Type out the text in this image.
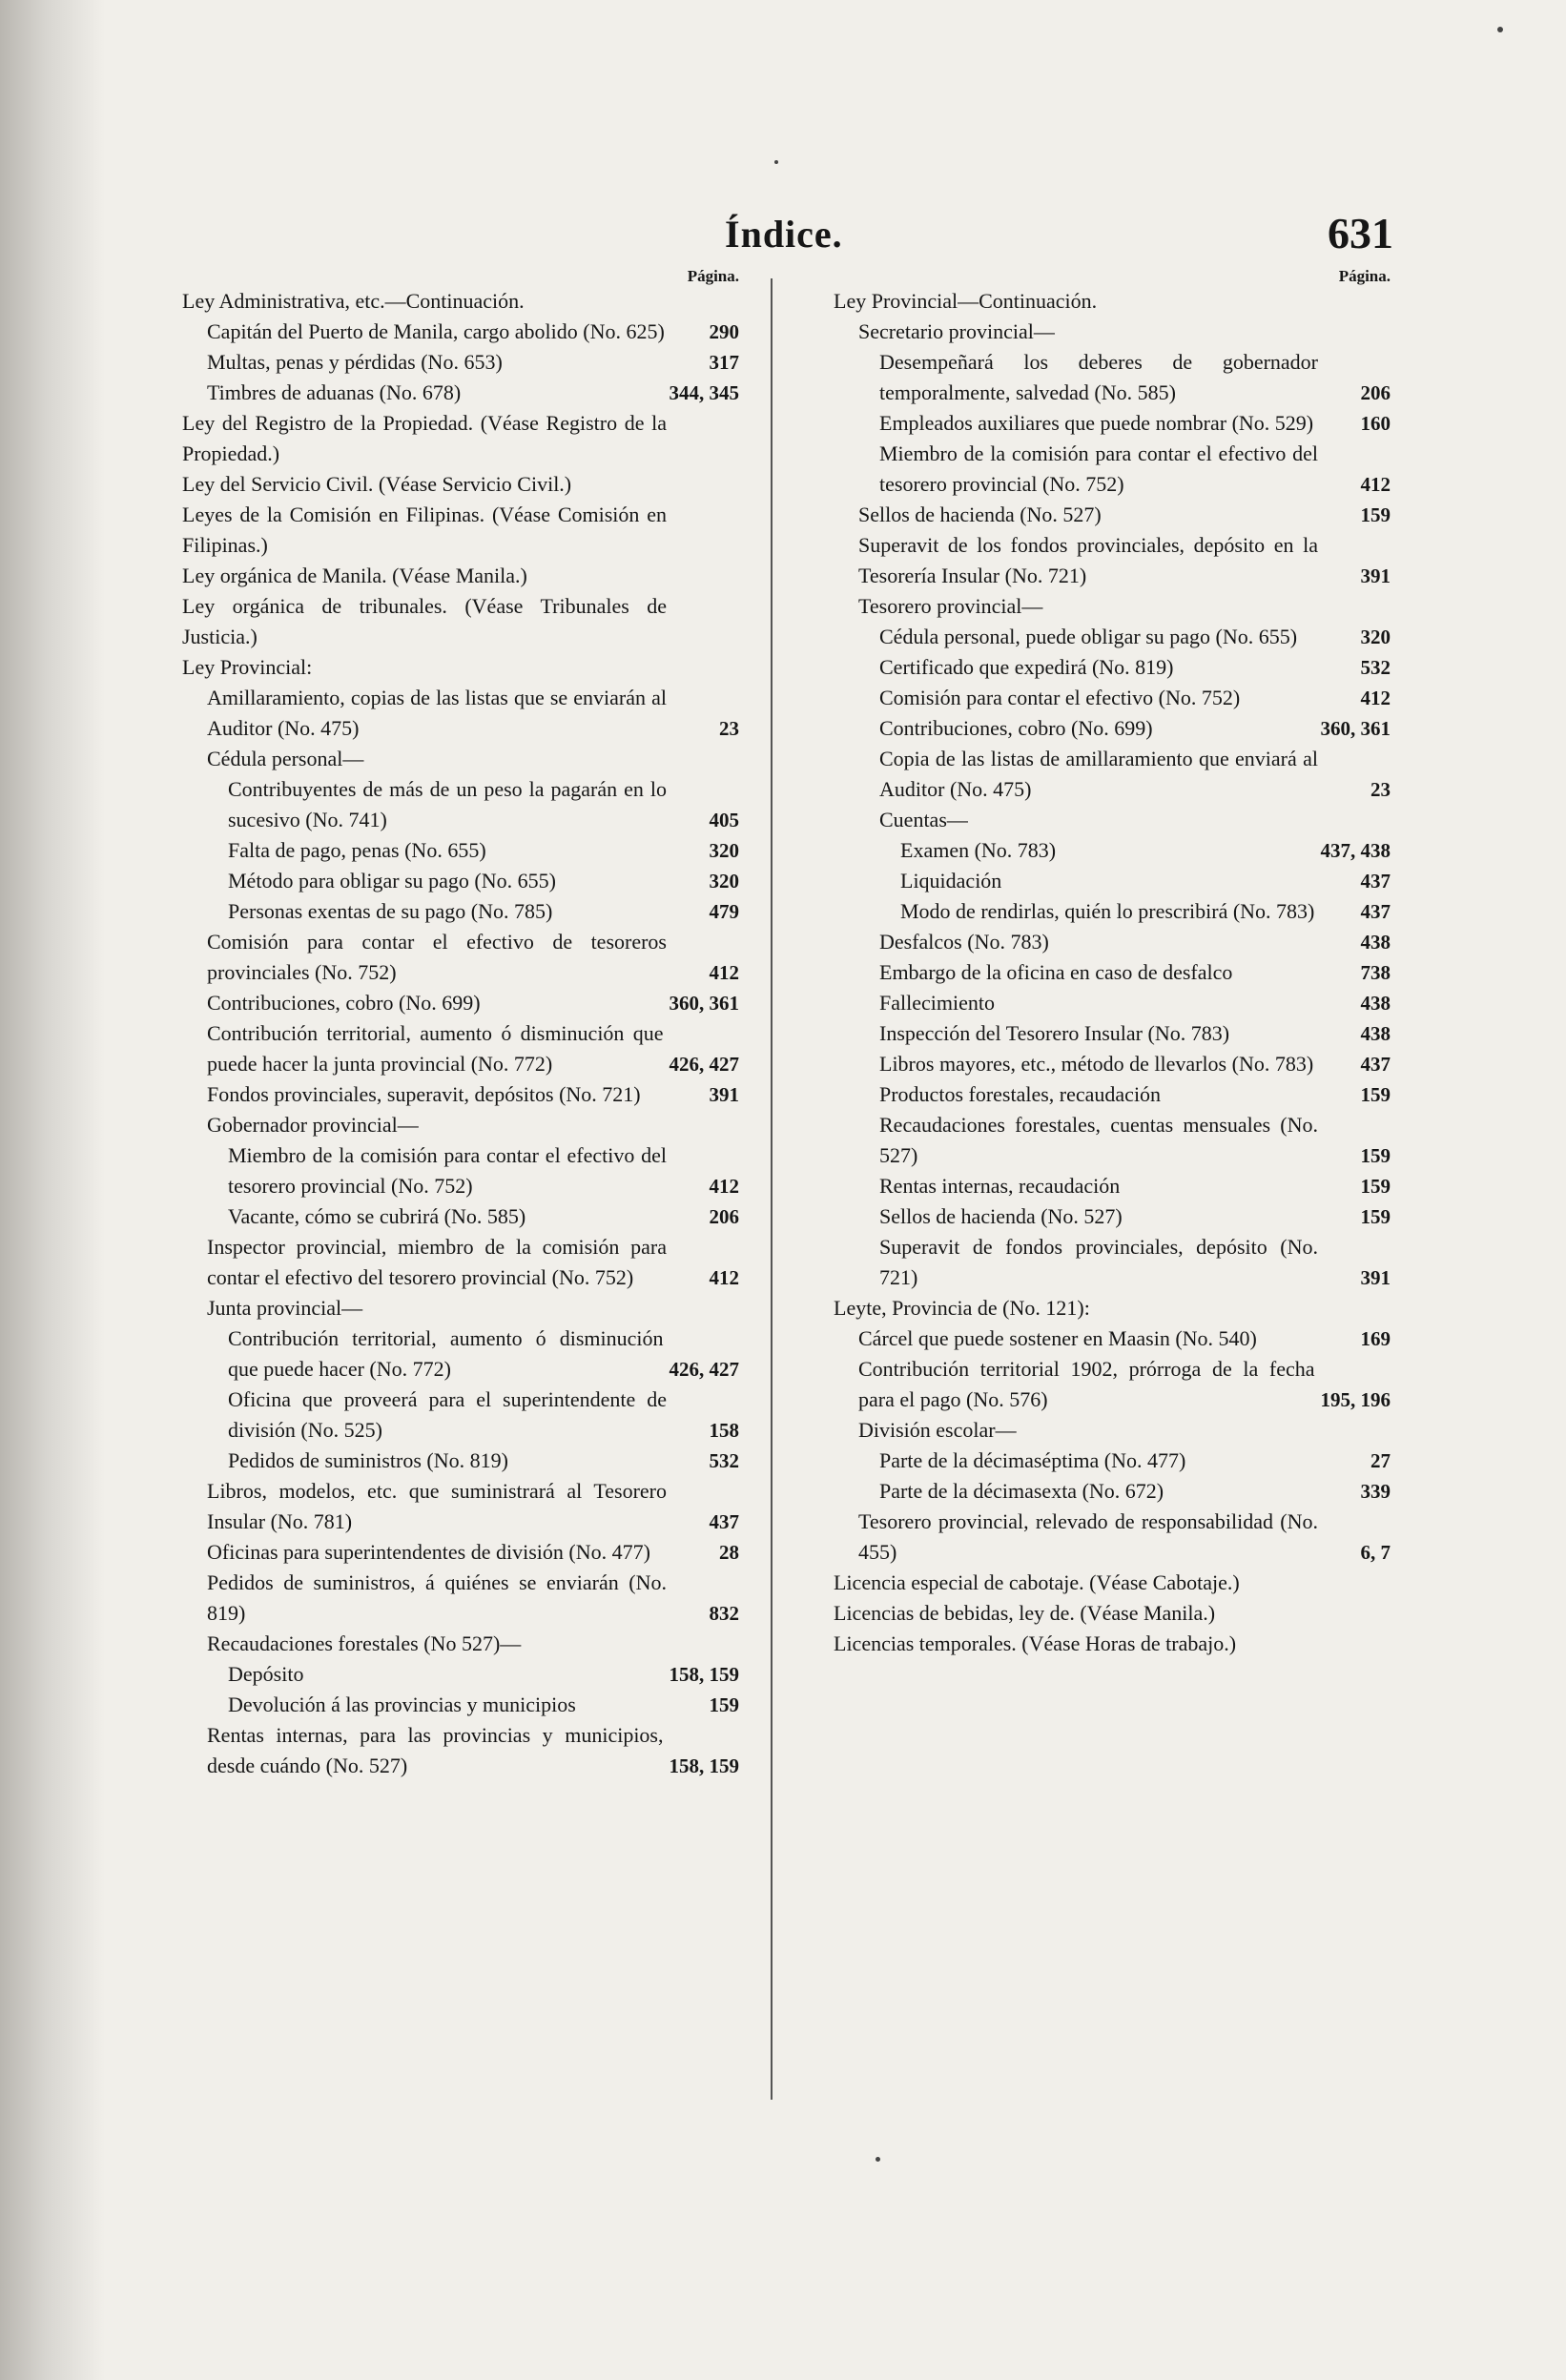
Índice.	631
Página.
Ley Administrativa, etc.—Continuación.
Capitán del Puerto de Manila, cargo abolido (No. 625)	290
Multas, penas y pérdidas (No. 653)	317
Timbres de aduanas (No. 678)	344, 345
Ley del Registro de la Propiedad. (Véase Registro de la Propiedad.)
Ley del Servicio Civil. (Véase Servicio Civil.)
Leyes de la Comisión en Filipinas. (Véase Comisión en Filipinas.)
Ley orgánica de Manila. (Véase Manila.)
Ley orgánica de tribunales. (Véase Tribunales de Justicia.)
Ley Provincial:
Amillaramiento, copias de las listas que se enviarán al Auditor (No. 475)	23
Cédula personal—
Contribuyentes de más de un peso la pagarán en lo sucesivo (No. 741)	405
Falta de pago, penas (No. 655)	320
Método para obligar su pago (No. 655)	320
Personas exentas de su pago (No. 785)	479
Comisión para contar el efectivo de tesoreros provinciales (No. 752)	412
Contribuciones, cobro (No. 699)	360, 361
Contribución territorial, aumento ó disminución que puede hacer la junta provincial (No. 772)	426, 427
Fondos provinciales, superavit, depósitos (No. 721)	391
Gobernador provincial—
Miembro de la comisión para contar el efectivo del tesorero provincial (No. 752)	412
Vacante, cómo se cubrirá (No. 585)	206
Inspector provincial, miembro de la comisión para contar el efectivo del tesorero provincial (No. 752)	412
Junta provincial—
Contribución territorial, aumento ó disminución que puede hacer (No. 772)	426, 427
Oficina que proveerá para el superintendente de división (No. 525)	158
Pedidos de suministros (No. 819)	532
Libros, modelos, etc. que suministrará al Tesorero Insular (No. 781)	437
Oficinas para superintendentes de división (No. 477)	28
Pedidos de suministros, á quiénes se enviarán (No. 819)	832
Recaudaciones forestales (No 527)—
Depósito	158, 159
Devolución á las provincias y municipios	159
Rentas internas, para las provincias y municipios, desde cuándo (No. 527)	158, 159
Página.
Ley Provincial—Continuación.
Secretario provincial—
Desempeñará los deberes de gobernador temporalmente, salvedad (No. 585)	206
Empleados auxiliares que puede nombrar (No. 529)	160
Miembro de la comisión para contar el efectivo del tesorero provincial (No. 752)	412
Sellos de hacienda (No. 527)	159
Superavit de los fondos provinciales, depósito en la Tesorería Insular (No. 721)	391
Tesorero provincial—
Cédula personal, puede obligar su pago (No. 655)	320
Certificado que expedirá (No. 819)	532
Comisión para contar el efectivo (No. 752)	412
Contribuciones, cobro (No. 699)	360, 361
Copia de las listas de amillaramiento que enviará al Auditor (No. 475)	23
Cuentas—
Examen (No. 783)	437, 438
Liquidación	437
Modo de rendirlas, quién lo prescribirá (No. 783)	437
Desfalcos (No. 783)	438
Embargo de la oficina en caso de desfalco	738
Fallecimiento	438
Inspección del Tesorero Insular (No. 783)	438
Libros mayores, etc., método de llevarlos (No. 783)	437
Productos forestales, recaudación	159
Recaudaciones forestales, cuentas mensuales (No. 527)	159
Rentas internas, recaudación	159
Sellos de hacienda (No. 527)	159
Superavit de fondos provinciales, depósito (No. 721)	391
Leyte, Provincia de (No. 121):
Cárcel que puede sostener en Maasin (No. 540)	169
Contribución territorial 1902, prórroga de la fecha para el pago (No. 576)	195, 196
División escolar—
Parte de la décimaséptima (No. 477)	27
Parte de la décimasexta (No. 672)	339
Tesorero provincial, relevado de responsabilidad (No. 455)	6, 7
Licencia especial de cabotaje. (Véase Cabotaje.)
Licencias de bebidas, ley de. (Véase Manila.)
Licencias temporales. (Véase Horas de trabajo.)
